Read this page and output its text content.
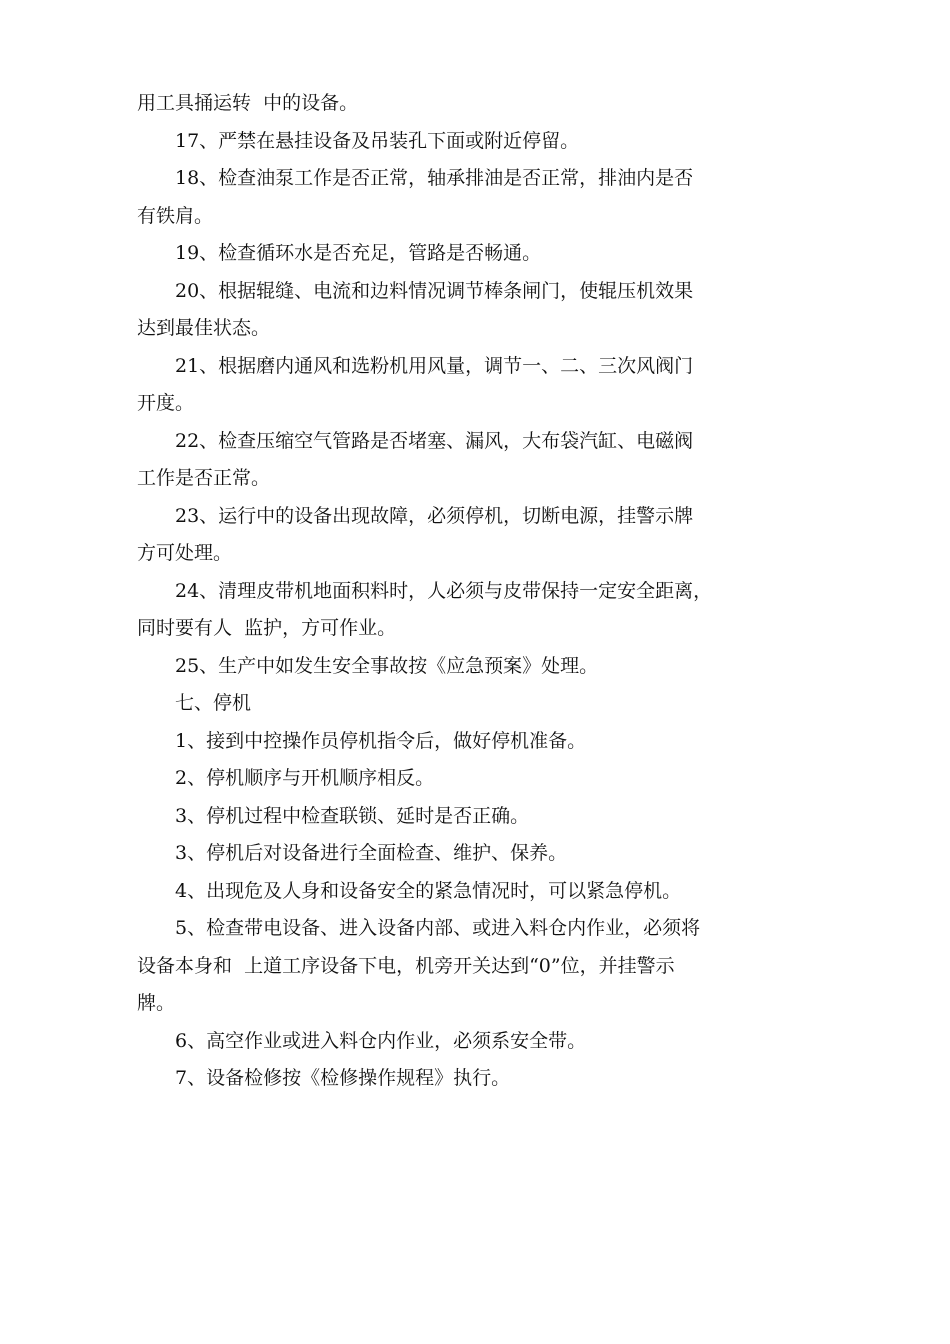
用工具捅运转  中的设备。
17、严禁在悬挂设备及吊装孔下面或附近停留。
18、检查油泵工作是否正常，轴承排油是否正常，排油内是否
有铁肩。
19、检查循环水是否充足，管路是否畅通。
20、根据辊缝、电流和边料情况调节棒条闸门，使辊压机效果
达到最佳状态。
21、根据磨内通风和选粉机用风量，调节一、二、三次风阀门
开度。
22、检查压缩空气管路是否堵塞、漏风，大布袋汽缸、电磁阀
工作是否正常。
23、运行中的设备出现故障，必须停机，切断电源，挂警示牌
方可处理。
24、清理皮带机地面积料时，人必须与皮带保持一定安全距离，
同时要有人  监护，方可作业。
25、生产中如发生安全事故按《应急预案》处理。
七、停机
1、接到中控操作员停机指令后，做好停机准备。
2、停机顺序与开机顺序相反。
3、停机过程中检查联锁、延时是否正确。
3、停机后对设备进行全面检查、维护、保养。
4、出现危及人身和设备安全的紧急情况时，可以紧急停机。
5、检查带电设备、进入设备内部、或进入料仓内作业，必须将
设备本身和  上道工序设备下电，机旁开关达到“0”位，并挂警示
牌。
6、高空作业或进入料仓内作业，必须系安全带。
7、设备检修按《检修操作规程》执行。
